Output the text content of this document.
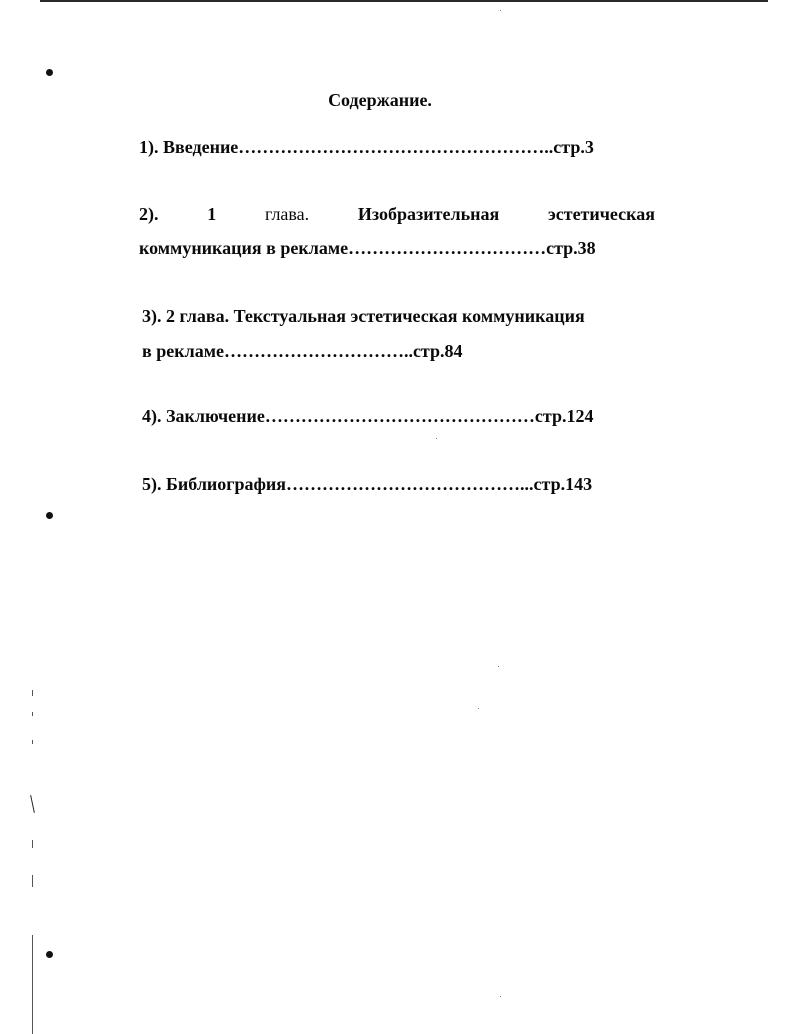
Содержание.
1). Введение……………………………………………..стр.3
2).	1	глава.	Изобразительная	эстетическая
коммуникация в рекламе……………………………стр.38
3). 2 глава. Текстуальная эстетическая коммуникация
в рекламе…………………………..стр.84
4). Заключение………………………………………стр.124
5). Библиография…………………………………...стр.143
